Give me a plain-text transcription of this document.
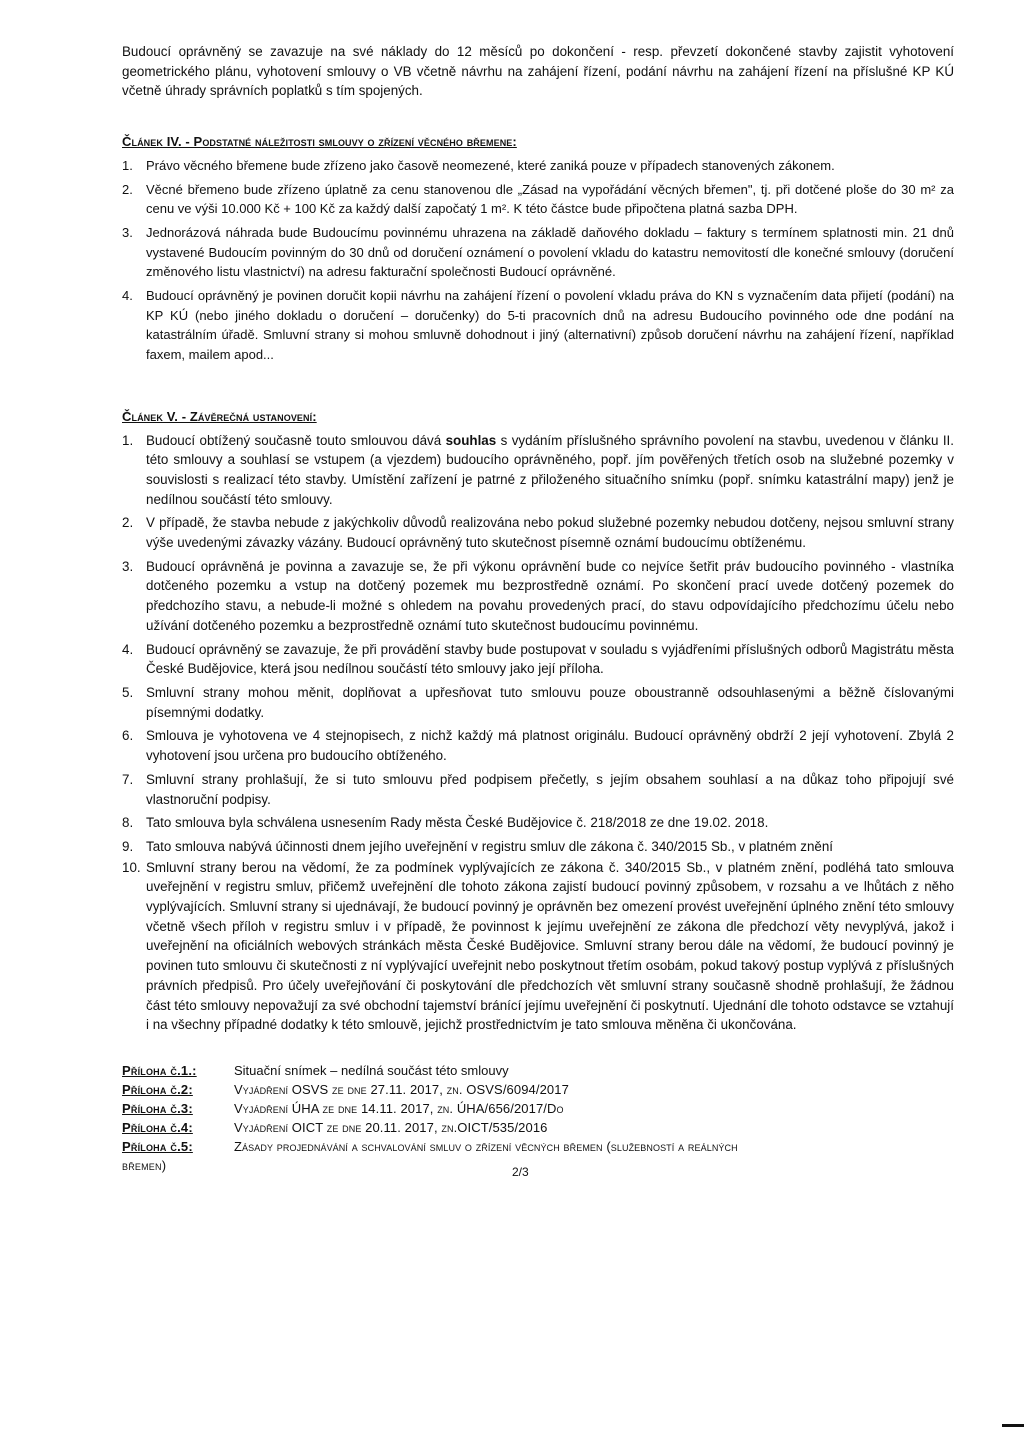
Budoucí oprávněný se zavazuje na své náklady do 12 měsíců po dokončení - resp. převzetí dokončené stavby zajistit vyhotovení geometrického plánu, vyhotovení smlouvy o VB včetně návrhu na zahájení řízení, podání návrhu na zahájení řízení na příslušné KP KÚ včetně úhrady správních poplatků s tím spojených.

Článek IV. - Podstatné náležitosti smlouvy o zřízení věcného břemene:
1. Právo věcného břemene bude zřízeno jako časově neomezené, které zaniká pouze v případech stanovených zákonem.
2. Věcné břemeno bude zřízeno úplatně za cenu stanovenou dle „Zásad na vypořádání věcných břemen", tj. při dotčené ploše do 30 m² za cenu ve výši 10.000 Kč + 100 Kč za každý další započatý 1 m². K této částce bude připočtena platná sazba DPH.
3. Jednorázová náhrada bude Budoucímu povinnému uhrazena na základě daňového dokladu – faktury s termínem splatnosti min. 21 dnů vystavené Budoucím povinným do 30 dnů od doručení oznámení o povolení vkladu do katastru nemovitostí dle konečné smlouvy (doručení změnového listu vlastnictví) na adresu fakturační společnosti Budoucí oprávněné.
4. Budoucí oprávněný je povinen doručit kopii návrhu na zahájení řízení o povolení vkladu práva do KN s vyznačením data přijetí (podání) na KP KÚ (nebo jiného dokladu o doručení – doručenky) do 5-ti pracovních dnů na adresu Budoucího povinného ode dne podání na katastrálním úřadě. Smluvní strany si mohou smluvně dohodnout i jiný (alternativní) způsob doručení návrhu na zahájení řízení, například faxem, mailem apod...
Článek V. - Závěrečná ustanovení:
1. Budoucí obtížený současně touto smlouvou dává souhlas s vydáním příslušného správního povolení na stavbu, uvedenou v článku II. této smlouvy a souhlasí se vstupem (a vjezdem) budoucího oprávněného, popř. jím pověřených třetích osob na služebné pozemky v souvislosti s realizací této stavby. Umístění zařízení je patrné z přiloženého situačního snímku (popř. snímku katastrální mapy) jenž je nedílnou součástí této smlouvy.
2. V případě, že stavba nebude z jakýchkoliv důvodů realizována nebo pokud služebné pozemky nebudou dotčeny, nejsou smluvní strany výše uvedenými závazky vázány. Budoucí oprávněný tuto skutečnost písemně oznámí budoucímu obtíženému.
3. Budoucí oprávněná je povinna a zavazuje se, že při výkonu oprávnění bude co nejvíce šetřit práv budoucího povinného - vlastníka dotčeného pozemku a vstup na dotčený pozemek mu bezprostředně oznámí. Po skončení prací uvede dotčený pozemek do předchozího stavu, a nebude-li možné s ohledem na povahu provedených prací, do stavu odpovídajícího předchozímu účelu nebo užívání dotčeného pozemku a bezprostředně oznámí tuto skutečnost budoucímu povinnému.
4. Budoucí oprávněný se zavazuje, že při provádění stavby bude postupovat v souladu s vyjádřeními příslušných odborů Magistrátu města České Budějovice, která jsou nedílnou součástí této smlouvy jako její příloha.
5. Smluvní strany mohou měnit, doplňovat a upřesňovat tuto smlouvu pouze oboustranně odsouhlasenými a běžně číslovanými písemnými dodatky.
6. Smlouva je vyhotovena ve 4 stejnopisech, z nichž každý má platnost originálu. Budoucí oprávněný obdrží 2 její vyhotovení. Zbylá 2 vyhotovení jsou určena pro budoucího obtíženého.
7. Smluvní strany prohlašují, že si tuto smlouvu před podpisem přečetly, s jejím obsahem souhlasí a na důkaz toho připojují své vlastnoruční podpisy.
8. Tato smlouva byla schválena usnesením Rady města České Budějovice č. 218/2018 ze dne 19.02. 2018.
9. Tato smlouva nabývá účinnosti dnem jejího uveřejnění v registru smluv dle zákona č. 340/2015 Sb., v platném znění
10. Smluvní strany berou na vědomí, že za podmínek vyplývajících ze zákona č. 340/2015 Sb., v platném znění, podléhá tato smlouva uveřejnění v registru smluv, přičemž uveřejnění dle tohoto zákona zajistí budoucí povinný způsobem, v rozsahu a ve lhůtách z něho vyplývajících. Smluvní strany si ujednávají, že budoucí povinný je oprávněn bez omezení provést uveřejnění úplného znění této smlouvy včetně všech příloh v registru smluv i v případě, že povinnost k jejímu uveřejnění ze zákona dle předchozí věty nevyplývá, jakož i uveřejnění na oficiálních webových stránkách města České Budějovice. Smluvní strany berou dále na vědomí, že budoucí povinný je povinen tuto smlouvu či skutečnosti z ní vyplývající uveřejnit nebo poskytnout třetím osobám, pokud takový postup vyplývá z příslušných právních předpisů. Pro účely uveřejňování či poskytování dle předchozích vět smluvní strany současně shodně prohlašují, že žádnou část této smlouvy nepovažují za své obchodní tajemství bránící jejímu uveřejnění či poskytnutí. Ujednání dle tohoto odstavce se vztahují i na všechny případné dodatky k této smlouvě, jejichž prostřednictvím je tato smlouva měněna či ukončována.
Příloha č.1.:	Situační snímek – nedílná součást této smlouvy
Příloha č.2:	Vyjádření OSVS ze dne 27.11. 2017, zn. OSVS/6094/2017
Příloha č.3:	Vyjádření ÚHA ze dne 14.11. 2017, zn. ÚHA/656/2017/Do
Příloha č.4:	Vyjádření OICT ze dne 20.11. 2017, zn.OICT/535/2016
Příloha č.5:	Zásady projednávání a schvalování smluv o zřízení věcných břemen (služebností a reálných
břemen)	2/3
